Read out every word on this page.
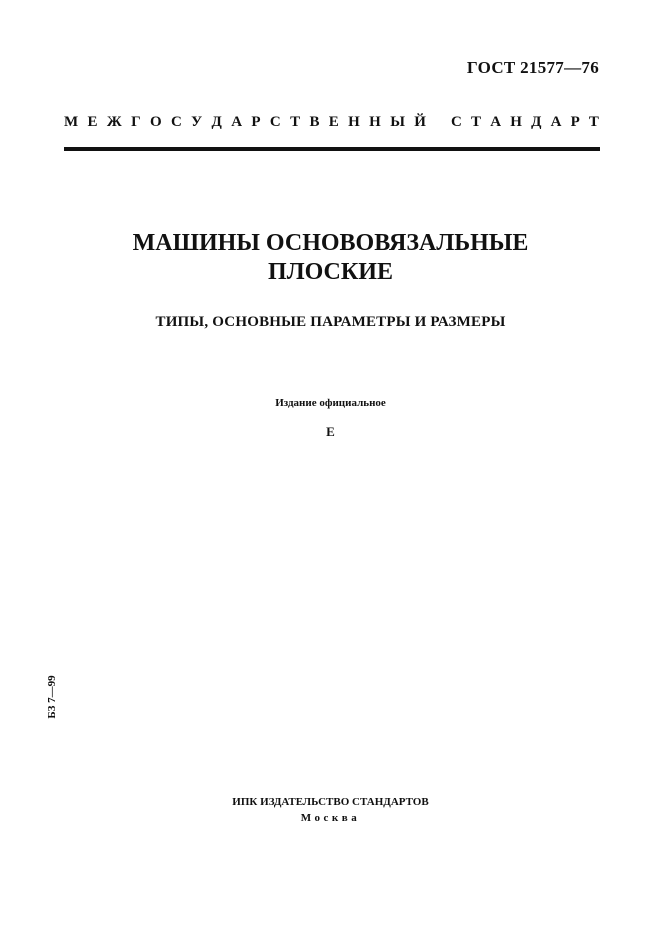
ГОСТ 21577—76
М Е Ж Г О С У Д А Р С Т В Е Н Н Ы Й С Т А Н Д А Р Т
МАШИНЫ ОСНОВОВЯЗАЛЬНЫЕ
ПЛОСКИЕ
ТИПЫ, ОСНОВНЫЕ ПАРАМЕТРЫ И РАЗМЕРЫ
Издание официальное
Е
БЗ 7—99
ИПК ИЗДАТЕЛЬСТВО СТАНДАРТОВ
Москва
